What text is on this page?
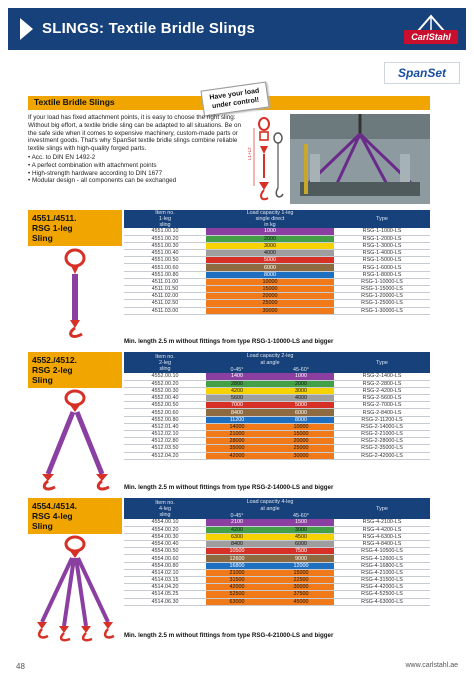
SLINGS: Textile Bridle Slings	CarlStahl
SpanSet
Textile Bridle Slings
Have your load under control!

If your load has fixed attachment points, it is easy to choose the right sling: Without big effort, a textile bridle sling can be adapted to all situations. Be on the safe side when it comes to expensive machinery, custom-made parts or investment goods. That's why SpanSet textile bridle slings combine reliable textile slings with high-quality forged parts.

• Acc. to DIN EN 1492-2
• A perfect combination with attachment points
• High-strength hardware according to DIN 1677
• Modular design - all components can be exchanged
L1+L2
4551./4511.
RSG 1-leg
Sling
Item no.
1-leg
sling	Load capacity 1-leg
single direct
in kg	Type

4551.00.10	1000	RSG-1-1000-LS
4551.00.20	2000	RSG-1-2000-LS
4551.00.30	3000	RSG-1-3000-LS
4551.00.40	4000	RSG-1-4000-LS
4551.00.50	5000	RSG-1-5000-LS
4551.00.60	6000	RSG-1-6000-LS
4551.00.80	8000	RSG-1-8000-LS
4511.01.00	10000	RSG-1-10000-LS
4511.01.50	15000	RSG-1-15000-LS
4511.02.00	20000	RSG-1-20000-LS
4511.02.50	25000	RSG-1-25000-LS
4511.03.00	30000	RSG-1-30000-LS
Min. length 2.5 m without fittings from type RSG-1-10000-LS and bigger
4552./4512.
RSG 2-leg
Sling
Item no.
2-leg
sling	Load capacity 2-leg		Type
	at angle		
	0-45°	45-60°	
4552.00.10	1400	1000	RSG-2-1400-LS
4552.00.20	2800	2000	RSG-2-2800-LS
4552.00.30	4200	3000	RSG-2-4200-LS
4552.00.40	5600	4000	RSG-2-5600-LS
4552.00.50	7000	5000	RSG-2-7000-LS
4552.00.60	8400	6000	RSG-2-8400-LS
4552.00.80	11200	8000	RSG-2-11200-LS
4512.01.40	14000	10000	RSG-2-14000-LS
4512.02.10	21000	15000	RSG-2-21000-LS
4512.02.80	28000	20000	RSG-2-28000-LS
4512.03.50	35000	25000	RSG-2-35000-LS
4512.04.20	42000	30000	RSG-2-42000-LS
Min. length 2.5 m without fittings from type RSG-2-14000-LS and bigger
4554./4514.
RSG 4-leg
Sling
Item no.
4-leg
sling	Load capacity 4-leg		Type
	at angle		
	0-45°	45-60°	
4554.00.10	2100	1500	RSG-4-2100-LS
4554.00.20	4200	3000	RSG-4-4200-LS
4554.00.30	6300	4500	RSG-4-6300-LS
4554.00.40	8400	6000	RSG-4-8400-LS
4554.00.50	10500	7500	RSG-4-10500-LS
4554.00.60	12600	9000	RSG-4-12600-LS
4554.00.80	16800	12000	RSG-4-16800-LS
4514.02.10	21000	15000	RSG-4-21000-LS
4514.03.15	31500	22500	RSG-4-31500-LS
4514.04.20	42000	30000	RSG-4-42000-LS
4514.05.25	52500	37500	RSG-4-52500-LS
4514.06.30	63000	45000	RSG-4-63000-LS
Min. length 2.5 m without fittings from type RSG-4-21000-LS and bigger
48	www.carlstahl.ae
